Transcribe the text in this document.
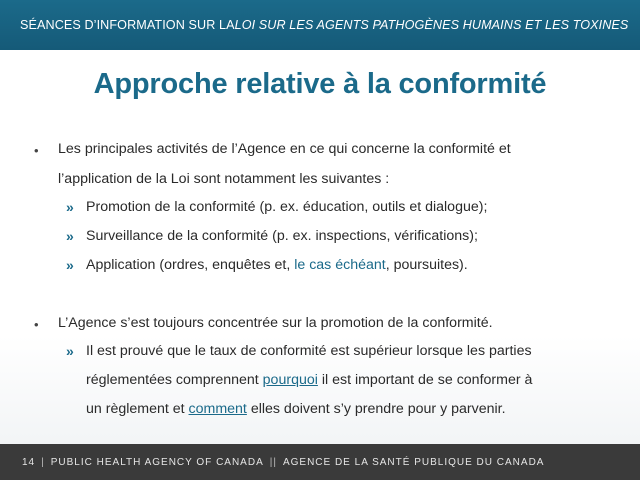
SÉANCES D’INFORMATION SUR LA LOI SUR LES AGENTS PATHOGÈNES HUMAINS ET LES TOXINES
Approche relative à la conformité
• Les principales activités de l’Agence en ce qui concerne la conformité et
l’application de la Loi sont notamment les suivantes :
» Promotion de la conformité (p. ex. éducation, outils et dialogue);
» Surveillance de la conformité (p. ex. inspections, vérifications);
» Application (ordres, enquêtes et, le cas échéant, poursuites).
• L’Agence s’est toujours concentrée sur la promotion de la conformité.
» Il est prouvé que le taux de conformité est supérieur lorsque les parties
réglementées comprennent pourquoi il est important de se conformer à
un règlement et comment elles doivent s’y prendre pour y parvenir.
14 | PUBLIC HEALTH AGENCY OF CANADA || AGENCE DE LA SANTÉ PUBLIQUE DU CANADA
